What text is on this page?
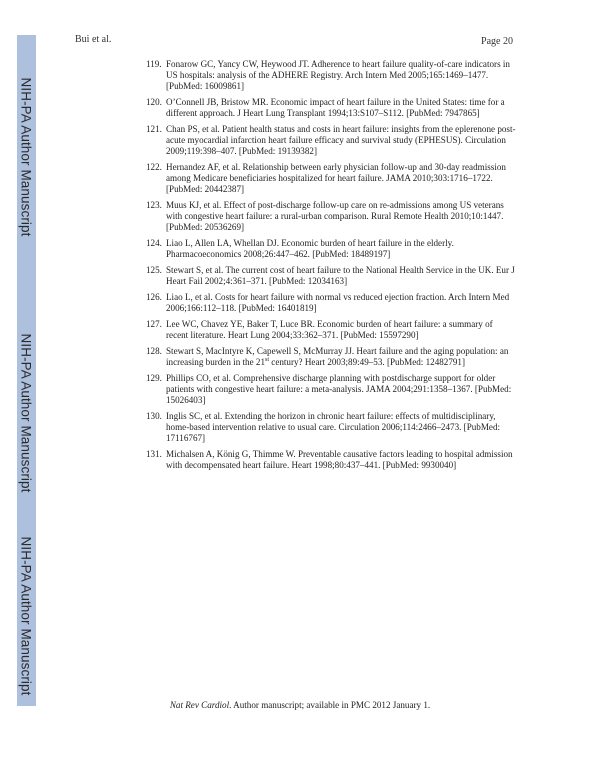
NIH-PA Author Manuscript
NIH-PA Author Manuscript
NIH-PA Author Manuscript
Bui et al.	Page 20
119. Fonarow GC, Yancy CW, Heywood JT. Adherence to heart failure quality-of-care indicators in US hospitals: analysis of the ADHERE Registry. Arch Intern Med 2005;165:1469–1477. [PubMed: 16009861]
120. O’Connell JB, Bristow MR. Economic impact of heart failure in the United States: time for a different approach. J Heart Lung Transplant 1994;13:S107–S112. [PubMed: 7947865]
121. Chan PS, et al. Patient health status and costs in heart failure: insights from the eplerenone post-acute myocardial infarction heart failure efficacy and survival study (EPHESUS). Circulation 2009;119:398–407. [PubMed: 19139382]
122. Hernandez AF, et al. Relationship between early physician follow-up and 30-day readmission among Medicare beneficiaries hospitalized for heart failure. JAMA 2010;303:1716–1722. [PubMed: 20442387]
123. Muus KJ, et al. Effect of post-discharge follow-up care on re-admissions among US veterans with congestive heart failure: a rural-urban comparison. Rural Remote Health 2010;10:1447. [PubMed: 20536269]
124. Liao L, Allen LA, Whellan DJ. Economic burden of heart failure in the elderly. Pharmacoeconomics 2008;26:447–462. [PubMed: 18489197]
125. Stewart S, et al. The current cost of heart failure to the National Health Service in the UK. Eur J Heart Fail 2002;4:361–371. [PubMed: 12034163]
126. Liao L, et al. Costs for heart failure with normal vs reduced ejection fraction. Arch Intern Med 2006;166:112–118. [PubMed: 16401819]
127. Lee WC, Chavez YE, Baker T, Luce BR. Economic burden of heart failure: a summary of recent literature. Heart Lung 2004;33:362–371. [PubMed: 15597290]
128. Stewart S, MacIntyre K, Capewell S, McMurray JJ. Heart failure and the aging population: an increasing burden in the 21st century? Heart 2003;89:49–53. [PubMed: 12482791]
129. Phillips CO, et al. Comprehensive discharge planning with postdischarge support for older patients with congestive heart failure: a meta-analysis. JAMA 2004;291:1358–1367. [PubMed: 15026403]
130. Inglis SC, et al. Extending the horizon in chronic heart failure: effects of multidisciplinary, home-based intervention relative to usual care. Circulation 2006;114:2466–2473. [PubMed: 17116767]
131. Michalsen A, König G, Thimme W. Preventable causative factors leading to hospital admission with decompensated heart failure. Heart 1998;80:437–441. [PubMed: 9930040]
Nat Rev Cardiol. Author manuscript; available in PMC 2012 January 1.
